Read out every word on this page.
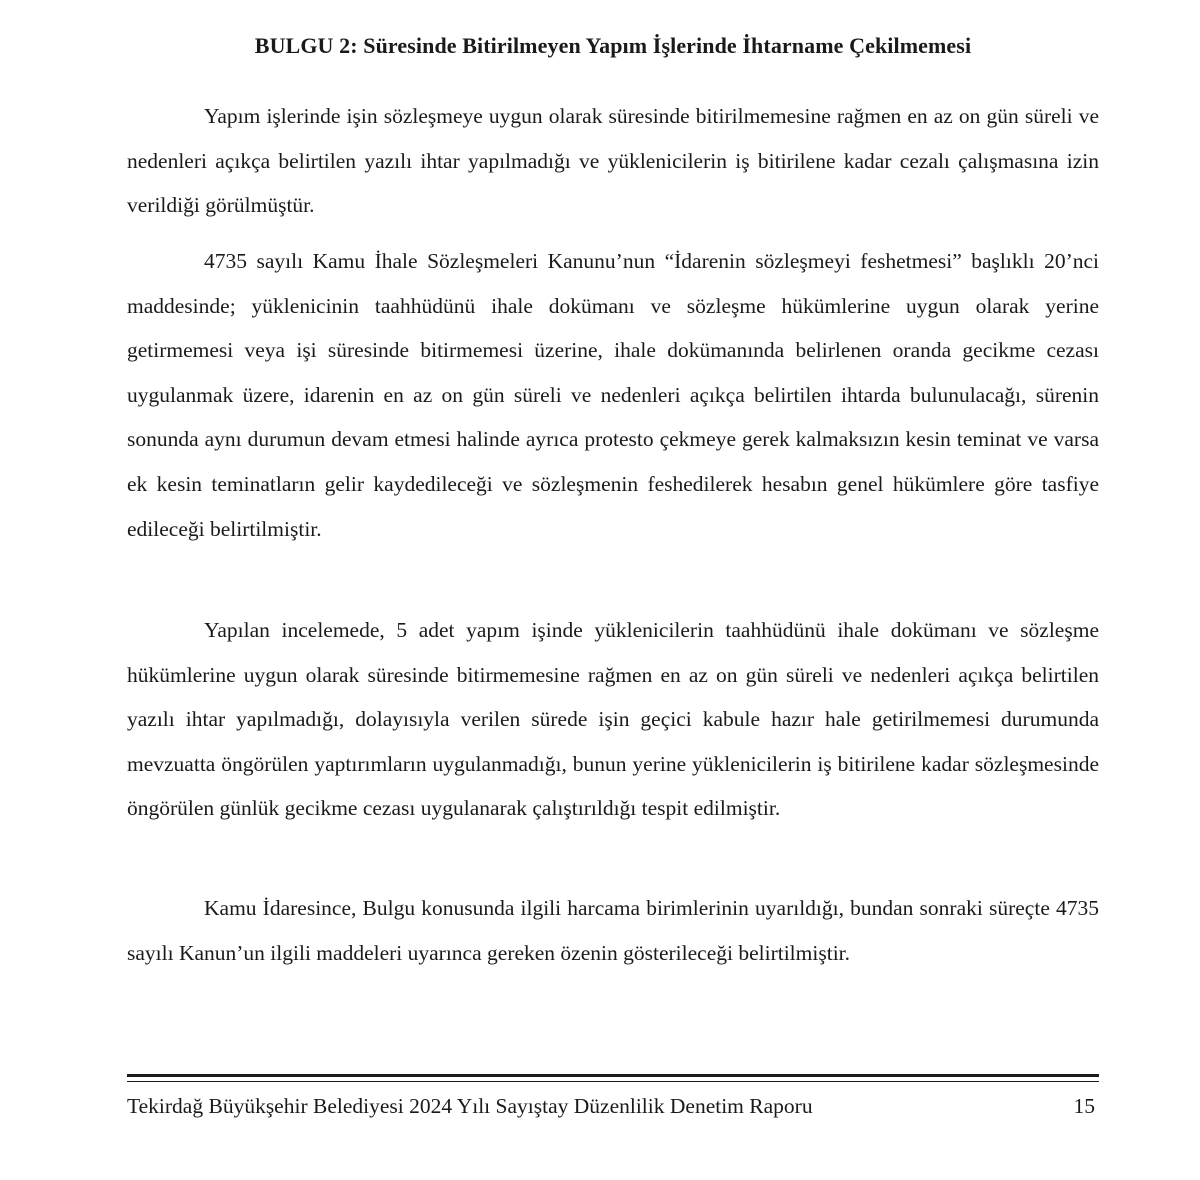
BULGU 2: Süresinde Bitirilmeyen Yapım İşlerinde İhtarname Çekilmemesi

Yapım işlerinde işin sözleşmeye uygun olarak süresinde bitirilmemesine rağmen en az on gün süreli ve nedenleri açıkça belirtilen yazılı ihtar yapılmadığı ve yüklenicilerin iş bitirilene kadar cezalı çalışmasına izin verildiği görülmüştür.

4735 sayılı Kamu İhale Sözleşmeleri Kanunu’nun “İdarenin sözleşmeyi feshetmesi” başlıklı 20’nci maddesinde; yüklenicinin taahhüdünü ihale dokümanı ve sözleşme hükümlerine uygun olarak yerine getirmemesi veya işi süresinde bitirmemesi üzerine, ihale dokümanında belirlenen oranda gecikme cezası uygulanmak üzere, idarenin en az on gün süreli ve nedenleri açıkça belirtilen ihtarda bulunulacağı, sürenin sonunda aynı durumun devam etmesi halinde ayrıca protesto çekmeye gerek kalmaksızın kesin teminat ve varsa ek kesin teminatların gelir kaydedileceği ve sözleşmenin feshedilerek hesabın genel hükümlere göre tasfiye edileceği belirtilmiştir.

Yapılan incelemede, 5 adet yapım işinde yüklenicilerin taahhüdünü ihale dokümanı ve sözleşme hükümlerine uygun olarak süresinde bitirmemesine rağmen en az on gün süreli ve nedenleri açıkça belirtilen yazılı ihtar yapılmadığı, dolayısıyla verilen sürede işin geçici kabule hazır hale getirilmemesi durumunda mevzuatta öngörülen yaptırımların uygulanmadığı, bunun yerine yüklenicilerin iş bitirilene kadar sözleşmesinde öngörülen günlük gecikme cezası uygulanarak çalıştırıldığı tespit edilmiştir.

Kamu İdaresince, Bulgu konusunda ilgili harcama birimlerinin uyarıldığı, bundan sonraki süreçte 4735 sayılı Kanun’un ilgili maddeleri uyarınca gereken özenin gösterileceği belirtilmiştir.

Tekirdağ Büyükşehir Belediyesi 2024 Yılı Sayıştay Düzenlilik Denetim Raporu	15
